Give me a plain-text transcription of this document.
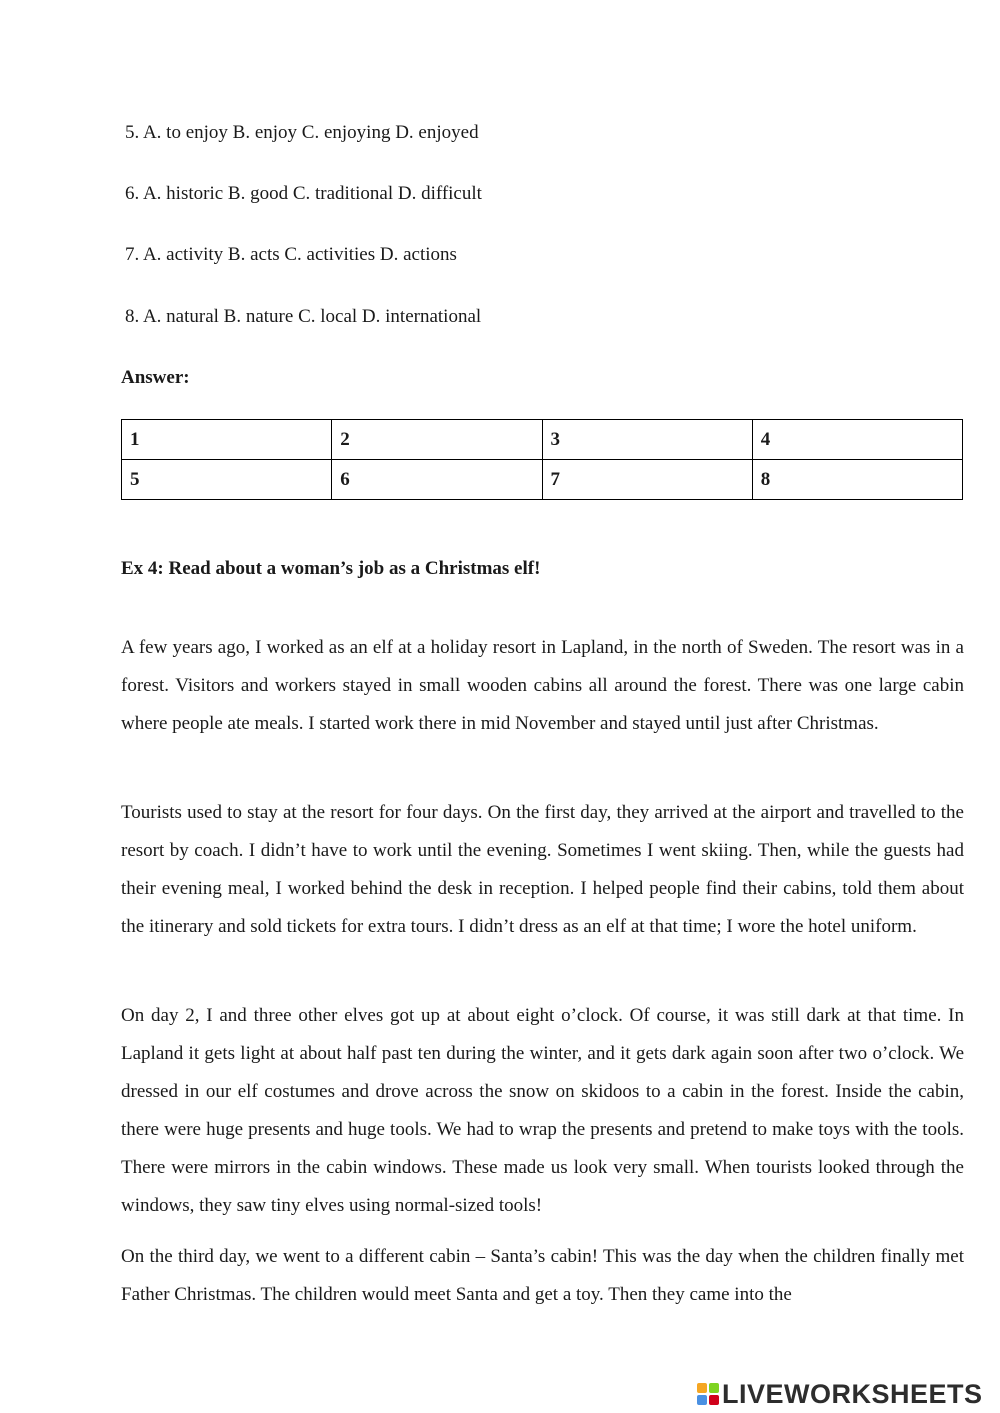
5. A. to enjoy B. enjoy C. enjoying D. enjoyed
6. A. historic B. good C. traditional D. difficult
7. A. activity B. acts C. activities D. actions
8. A. natural B. nature C. local D. international
Answer:
1	2	3	4
5	6	7	8
Ex 4: Read about a woman’s job as a Christmas elf!

A few years ago, I worked as an elf at a holiday resort in Lapland, in the north of Sweden. The resort was in a forest. Visitors and workers stayed in small wooden cabins all around the forest. There was one large cabin where people ate meals. I started work there in mid November and stayed until just after Christmas.

Tourists used to stay at the resort for four days. On the first day, they arrived at the airport and travelled to the resort by coach. I didn’t have to work until the evening. Sometimes I went skiing. Then, while the guests had their evening meal, I worked behind the desk in reception. I helped people find their cabins, told them about the itinerary and sold tickets for extra tours. I didn’t dress as an elf at that time; I wore the hotel uniform.

On day 2, I and three other elves got up at about eight o’clock. Of course, it was still dark at that time. In Lapland it gets light at about half past ten during the winter, and it gets dark again soon after two o’clock. We dressed in our elf costumes and drove across the snow on skidoos to a cabin in the forest. Inside the cabin, there were huge presents and huge tools. We had to wrap the presents and pretend to make toys with the tools. There were mirrors in the cabin windows. These made us look very small. When tourists looked through the windows, they saw tiny elves using normal-sized tools!

On the third day, we went to a different cabin – Santa’s cabin! This was the day when the children finally met Father Christmas. The children would meet Santa and get a toy. Then they came into the

LIVEWORKSHEETS
